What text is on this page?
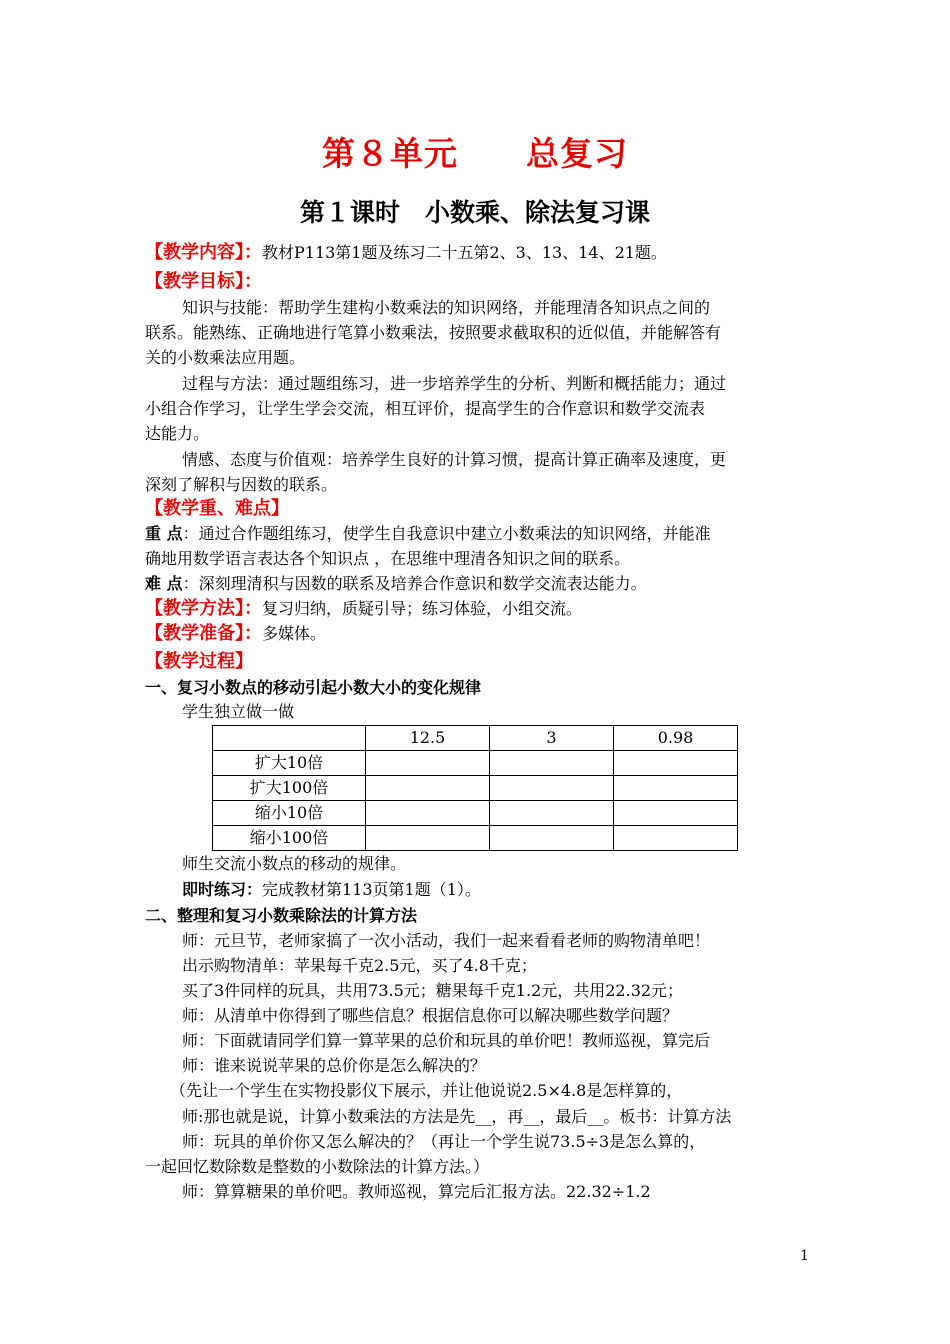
第８单元　　总复习
第１课时　小数乘、除法复习课
【教学内容】：教材P113第1题及练习二十五第2、3、13、14、21题。
【教学目标】：
知识与技能：帮助学生建构小数乘法的知识网络，并能理清各知识点之间的
联系。能熟练、正确地进行笔算小数乘法，按照要求截取积的近似值，并能解答有
关的小数乘法应用题。
过程与方法：通过题组练习，进一步培养学生的分析、判断和概括能力；通过
小组合作学习，让学生学会交流，相互评价，提高学生的合作意识和数学交流表
达能力。
情感、态度与价值观：培养学生良好的计算习惯，提高计算正确率及速度，更
深刻了解积与因数的联系。
【教学重、难点】
重 点：通过合作题组练习，使学生自我意识中建立小数乘法的知识网络，并能准
确地用数学语言表达各个知识点 ，在思维中理清各知识之间的联系。
难 点：深刻理清积与因数的联系及培养合作意识和数学交流表达能力。
【教学方法】：复习归纳，质疑引导；练习体验，小组交流。
【教学准备】：多媒体。
【教学过程】
一、复习小数点的移动引起小数大小的变化规律
学生独立做一做
	12.5	3	0.98
扩大10倍			
扩大100倍			
缩小10倍			
缩小100倍			
师生交流小数点的移动的规律。
即时练习：完成教材第113页第1题（1）。
二、整理和复习小数乘除法的计算方法
师：元旦节，老师家搞了一次小活动，我们一起来看看老师的购物清单吧！
出示购物清单：苹果每千克2.5元，买了4.8千克；
买了3件同样的玩具，共用73.5元；糖果每千克1.2元，共用22.32元；
师：从清单中你得到了哪些信息？根据信息你可以解决哪些数学问题？
师：下面就请同学们算一算苹果的总价和玩具的单价吧！教师巡视，算完后
师：谁来说说苹果的总价你是怎么解决的？
（先让一个学生在实物投影仪下展示，并让他说说2.5×4.8是怎样算的，
师:那也就是说，计算小数乘法的方法是先__，再__，最后__。板书：计算方法
师：玩具的单价你又怎么解决的？（再让一个学生说73.5÷3是怎么算的，
一起回忆数除数是整数的小数除法的计算方法。）
师：算算糖果的单价吧。教师巡视，算完后汇报方法。22.32÷1.2
1
